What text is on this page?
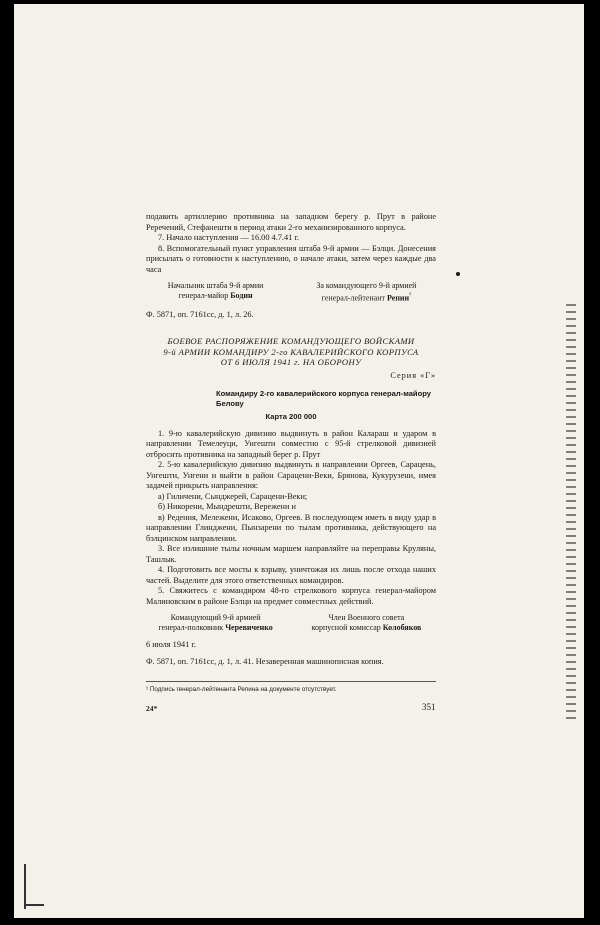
подавить артиллерию противника на западном берегу р. Прут в районе Pеречений, Стефанешти в период атаки 2-го механизированного корпуса.

7. Начало наступления — 16.00 4.7.41 г.

8. Вспомогательный пункт управления штаба 9-й армии — Бэлци. Донесения присылать о готовности к наступлению, о начале атаки, затем через каждые два часа

Начальник штаба 9-й армии
генерал-майор Бодин
За командующего 9-й армией
генерал-лейтенант Репин$^{^1}$

Ф. 5871, оп. 7161сс, д. 1, л. 26.

БОЕВОЕ РАСПОРЯЖЕНИЕ КОМАНДУЮЩЕГО ВОЙСКАМИ
9-й АРМИИ КОМАНДИРУ 2-го КАВАЛЕРИЙСКОГО КОРПУСА
ОТ 6 ИЮЛЯ 1941 г. НА ОБОРОНУ

Серия «Г»

Командиру 2-го кавалерийского корпуса генерал-майору
Белову

Карта 200 000

1. 9-ю кавалерийскую дивизию выдвинуть в район Калараш и ударом в направлении Темелеуци, Унгешти совместно с 95-й стрелковой дивизией отбросить противника на западный берег р. Прут

2. 5-ю кавалерийскую дивизию выдвинуть в направлении Оргеев, Сарацень, Унгешти, Унгени и выйти в район Сарацени-Веки, Брянова, Кукурузени, имея задачей прикрыть направления:

а) Гиличени, Сынджерей, Сарацени-Веки;

б) Никорени, Мындрешти, Вережени и

в) Редения, Мележени, Исаково, Оргеев. В последующем иметь в виду удар в направлении Глинджени, Пынзарени по тылам противника, действующего на бэлцинском направлении.

3. Все излишние тылы ночным маршем направляйте на переправы Круляны, Ташлык.

4. Подготовить все мосты к взрыву, уничтожая их лишь после отхода наших частей. Выделите для этого ответственных командиров.

5. Свяжитесь с командиром 48-го стрелкового корпуса генерал-майором Малиновским в районе Бэлци на предмет совместных действий.

Командующий 9-й армией
генерал-полковник Черевиченко
Член Военного совета
корпусной комиссар Колобяков

6 июля 1941 г.

Ф. 5871, оп. 7161сс, д. 1, л. 41. Незаверенная машинописная копия.

¹ Подпись генерал-лейтенанта Репина на документе отсутствует.
24*	351
